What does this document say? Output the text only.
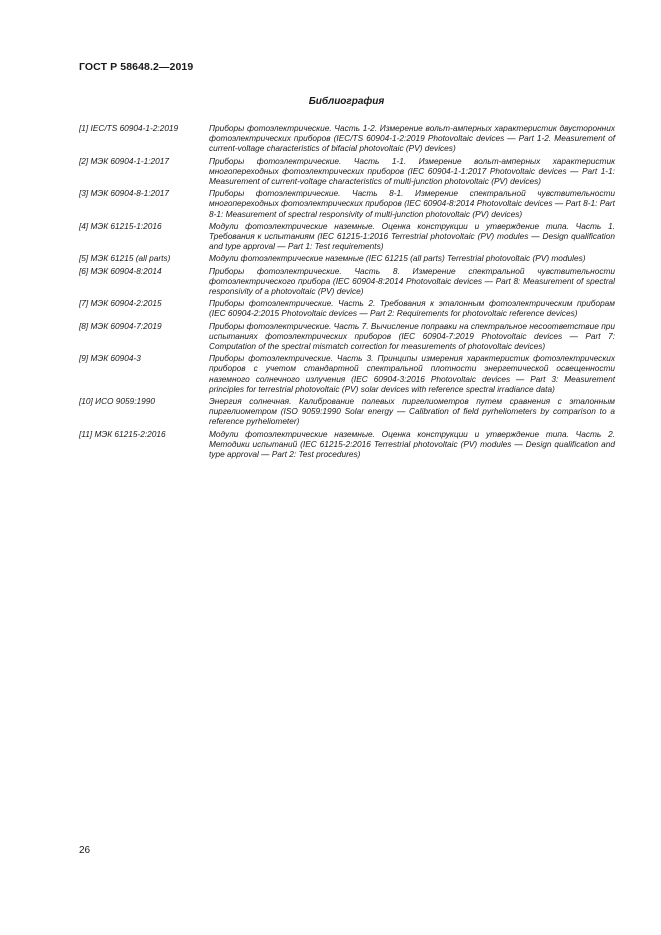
ГОСТ Р 58648.2—2019
Библиография
[1] IEC/TS 60904-1-2:2019	Приборы фотоэлектрические. Часть 1-2. Измерение вольт-амперных характеристик двусторонних фотоэлектрических приборов (IEC/TS 60904-1-2:2019 Photovoltaic devices — Part 1-2. Measurement of current-voltage characteristics of bifacial photovoltaic (PV) devices)
[2] МЭК 60904-1-1:2017	Приборы фотоэлектрические. Часть 1-1. Измерение вольт-амперных характеристик многопереходных фотоэлектрических приборов (IEC 60904-1-1:2017 Photovoltaic devices — Part 1-1: Measurement of current-voltage characteristics of multi-junction photovoltaic (PV) devices)
[3] МЭК 60904-8-1:2017	Приборы фотоэлектрические. Часть 8-1. Измерение спектральной чувствительности многопереходных фотоэлектрических приборов (IEC 60904-8:2014 Photovoltaic devices — Part 8-1: Part 8-1: Measurement of spectral responsivity of multi-junction photovoltaic (PV) devices)
[4] МЭК 61215-1:2016	Модули фотоэлектрические наземные. Оценка конструкции и утверждение типа. Часть 1. Требования к испытаниям (IEC 61215-1:2016 Terrestrial photovoltaic (PV) modules — Design qualification and type approval — Part 1: Test requirements)
[5] МЭК 61215 (all parts)	Модули фотоэлектрические наземные (IEC 61215 (all parts) Terrestrial photovoltaic (PV) modules)
[6] МЭК 60904-8:2014	Приборы фотоэлектрические. Часть 8. Измерение спектральной чувствительности фотоэлектрического прибора (IEC 60904-8:2014 Photovoltaic devices — Part 8: Measurement of spectral responsivity of a photovoltaic (PV) device)
[7] МЭК 60904-2:2015	Приборы фотоэлектрические. Часть 2. Требования к эталонным фотоэлектрическим приборам (IEC 60904-2:2015 Photovoltaic devices — Part 2: Requirements for photovoltaic reference devices)
[8] МЭК 60904-7:2019	Приборы фотоэлектрические. Часть 7. Вычисление поправки на спектральное несоответствие при испытаниях фотоэлектрических приборов (IEC 60904-7:2019 Photovoltaic devices — Part 7: Computation of the spectral mismatch correction for measurements of photovoltaic devices)
[9] МЭК 60904-3	Приборы фотоэлектрические. Часть 3. Принципы измерения характеристик фотоэлектрических приборов с учетом стандартной спектральной плотности энергетической освещенности наземного солнечного излучения (IEC 60904-3:2016 Photovoltaic devices — Part 3: Measurement principles for terrestrial photovoltaic (PV) solar devices with reference spectral irradiance data)
[10] ИСО 9059:1990	Энергия солнечная. Калибрование полевых пиргелиометров путем сравнения с эталонным пиргелиометром (ISO 9059:1990 Solar energy — Calibration of field pyrheliometers by comparison to a reference pyrheliometer)
[11] МЭК 61215-2:2016	Модули фотоэлектрические наземные. Оценка конструкции и утверждение типа. Часть 2. Методики испытаний (IEC 61215-2:2016 Terrestrial photovoltaic (PV) modules — Design qualification and type approval — Part 2: Test procedures)
26
